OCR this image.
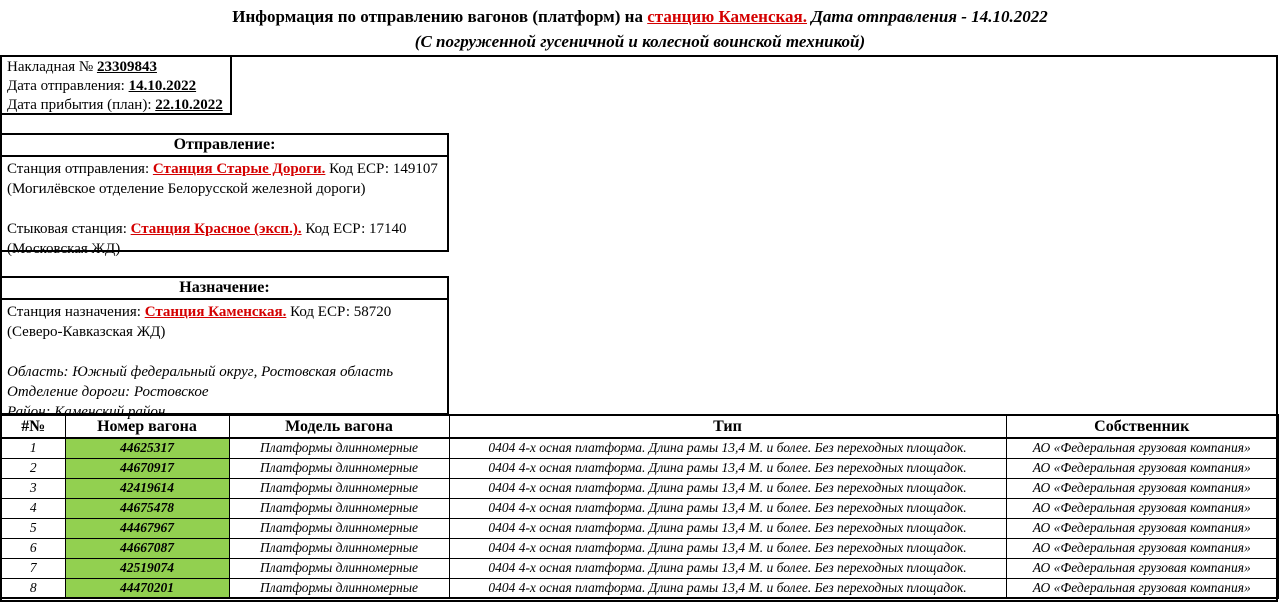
Информация по отправлению вагонов (платформ) на станцию Каменская. Дата отправления - 14.10.2022
(С погруженной гусеничной и колесной воинской техникой)
Накладная № 23309843
Дата отправления: 14.10.2022
Дата прибытия (план): 22.10.2022
Отправление:
Станция отправления: Станция Старые Дороги. Код ЕСР: 149107
(Могилёвское отделение Белорусской железной дороги)
Стыковая станция: Станция Красное (эксп.). Код ЕСР: 17140
(Московская ЖД)
Назначение:
Станция назначения: Станция Каменская. Код ЕСР: 58720
(Северо-Кавказская ЖД)
Область: Южный федеральный округ, Ростовская область
Отделение дороги: Ростовское
Район: Каменский район
#№	Номер вагона	Модель вагона	Тип	Собственник
1	44625317	Платформы длинномерные	0404 4-х осная платформа. Длина рамы 13,4 М. и более. Без переходных площадок.	АО «Федеральная грузовая компания»
2	44670917	Платформы длинномерные	0404 4-х осная платформа. Длина рамы 13,4 М. и более. Без переходных площадок.	АО «Федеральная грузовая компания»
3	42419614	Платформы длинномерные	0404 4-х осная платформа. Длина рамы 13,4 М. и более. Без переходных площадок.	АО «Федеральная грузовая компания»
4	44675478	Платформы длинномерные	0404 4-х осная платформа. Длина рамы 13,4 М. и более. Без переходных площадок.	АО «Федеральная грузовая компания»
5	44467967	Платформы длинномерные	0404 4-х осная платформа. Длина рамы 13,4 М. и более. Без переходных площадок.	АО «Федеральная грузовая компания»
6	44667087	Платформы длинномерные	0404 4-х осная платформа. Длина рамы 13,4 М. и более. Без переходных площадок.	АО «Федеральная грузовая компания»
7	42519074	Платформы длинномерные	0404 4-х осная платформа. Длина рамы 13,4 М. и более. Без переходных площадок.	АО «Федеральная грузовая компания»
8	44470201	Платформы длинномерные	0404 4-х осная платформа. Длина рамы 13,4 М. и более. Без переходных площадок.	АО «Федеральная грузовая компания»
